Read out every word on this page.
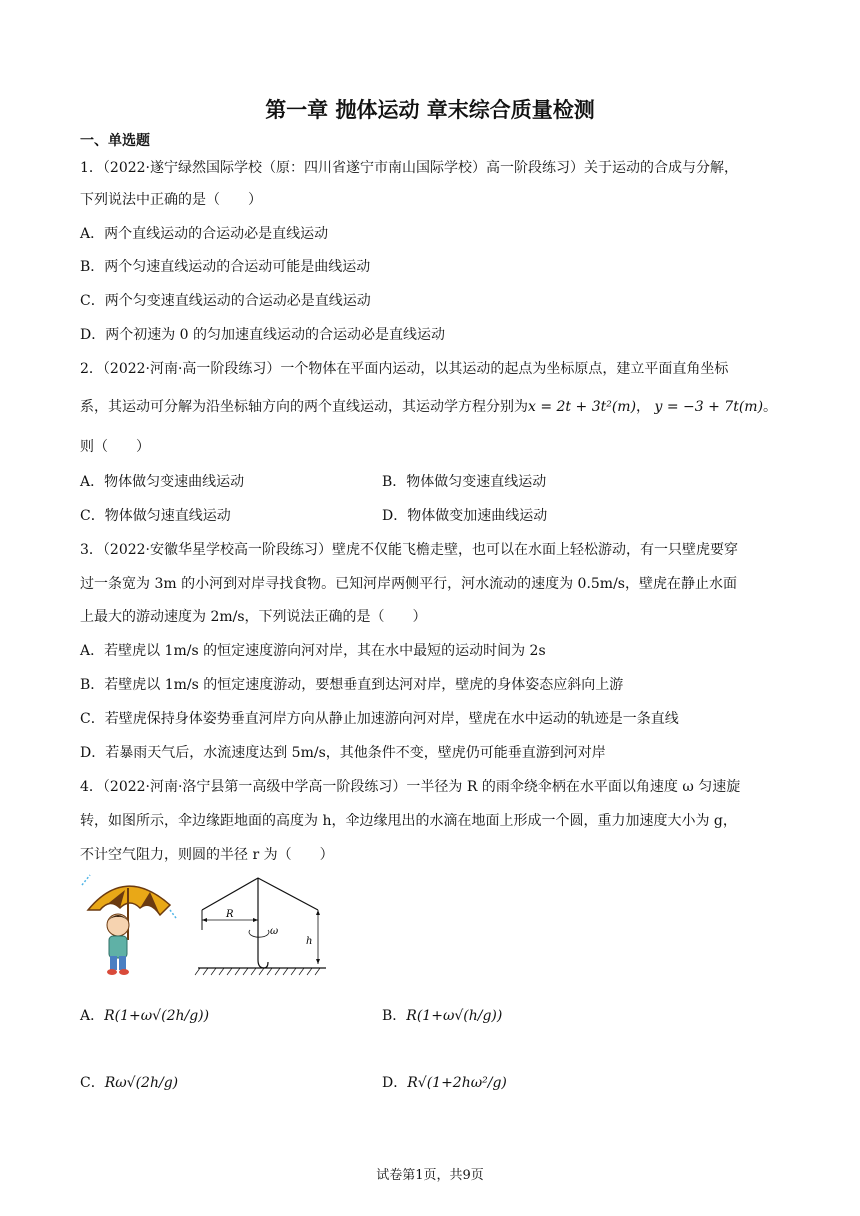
第一章 抛体运动 章末综合质量检测
一、单选题
1．（2022·遂宁绿然国际学校（原：四川省遂宁市南山国际学校）高一阶段练习）关于运动的合成与分解，
下列说法中正确的是（　　）
A．两个直线运动的合运动必是直线运动
B．两个匀速直线运动的合运动可能是曲线运动
C．两个匀变速直线运动的合运动必是直线运动
D．两个初速为 0 的匀加速直线运动的合运动必是直线运动
2．（2022·河南·高一阶段练习）一个物体在平面内运动，以其运动的起点为坐标原点，建立平面直角坐标
系，其运动可分解为沿坐标轴方向的两个直线运动，其运动学方程分别为x = 2t + 3t²(m)， y = −3 + 7t(m)。
则（　　）
A．物体做匀变速曲线运动	B．物体做匀变速直线运动
C．物体做匀速直线运动	D．物体做变加速曲线运动
3．（2022·安徽华星学校高一阶段练习）壁虎不仅能飞檐走壁，也可以在水面上轻松游动，有一只壁虎要穿
过一条宽为 3m 的小河到对岸寻找食物。已知河岸两侧平行，河水流动的速度为 0.5m/s，壁虎在静止水面
上最大的游动速度为 2m/s，下列说法正确的是（　　）
A．若壁虎以 1m/s 的恒定速度游向河对岸，其在水中最短的运动时间为 2s
B．若壁虎以 1m/s 的恒定速度游动，要想垂直到达河对岸，壁虎的身体姿态应斜向上游
C．若壁虎保持身体姿势垂直河岸方向从静止加速游向河对岸，壁虎在水中运动的轨迹是一条直线
D．若暴雨天气后，水流速度达到 5m/s，其他条件不变，壁虎仍可能垂直游到河对岸
4．（2022·河南·洛宁县第一高级中学高一阶段练习）一半径为 R 的雨伞绕伞柄在水平面以角速度 ω 匀速旋
转，如图所示，伞边缘距地面的高度为 h，伞边缘甩出的水滴在地面上形成一个圆，重力加速度大小为 g，
不计空气阻力，则圆的半径 r 为（　　）
R
ω
h
A．R(1+ω√(2h/g))	B．R(1+ω√(h/g))
C．Rω√(2h/g)	D．R√(1+2hω²/g)
试卷第1页，共9页
